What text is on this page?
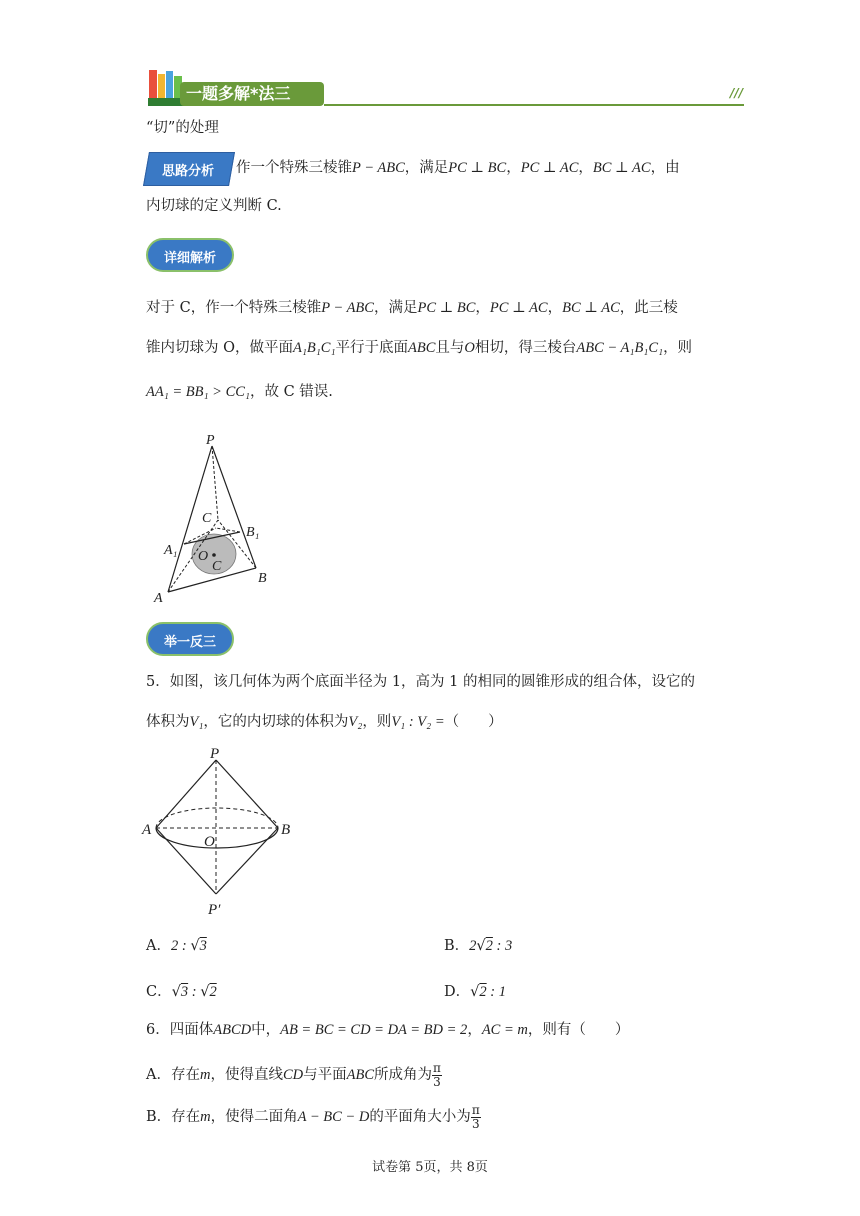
一题多解*法三	///
“切”的处理
思路分析	作一个特殊三棱锥P − ABC，满足PC ⊥ BC，PC ⊥ AC，BC ⊥ AC，由
内切球的定义判断 C.
详细解析
对于 C，作一个特殊三棱锥P − ABC，满足PC ⊥ BC，PC ⊥ AC，BC ⊥ AC，此三棱
锥内切球为 O，做平面A₁B₁C₁平行于底面ABC且与O相切，得三棱台ABC − A₁B₁C₁，则
AA₁ = BB₁ > CC₁，故 C 错误.
P
C
B₁
A₁ O
C
B
A
举一反三
5．如图，该几何体为两个底面半径为 1，高为 1 的相同的圆锥形成的组合体，设它的
体积为V₁，它的内切球的体积为V₂，则V₁ : V₂ =（　　）
P
A
O
B
P′
A．2 : √3	B．2√2 : 3
C．√3 : √2	D．√2 : 1
6．四面体ABCD中，AB = BC = CD = DA = BD = 2，AC = m，则有（　　）
A．存在m，使得直线CD与平面ABC所成角为 $\frac{\pi}{3}$
B．存在m，使得二面角A − BC − D的平面角大小为 $\frac{\pi}{3}$
试卷第 5页，共 8页
